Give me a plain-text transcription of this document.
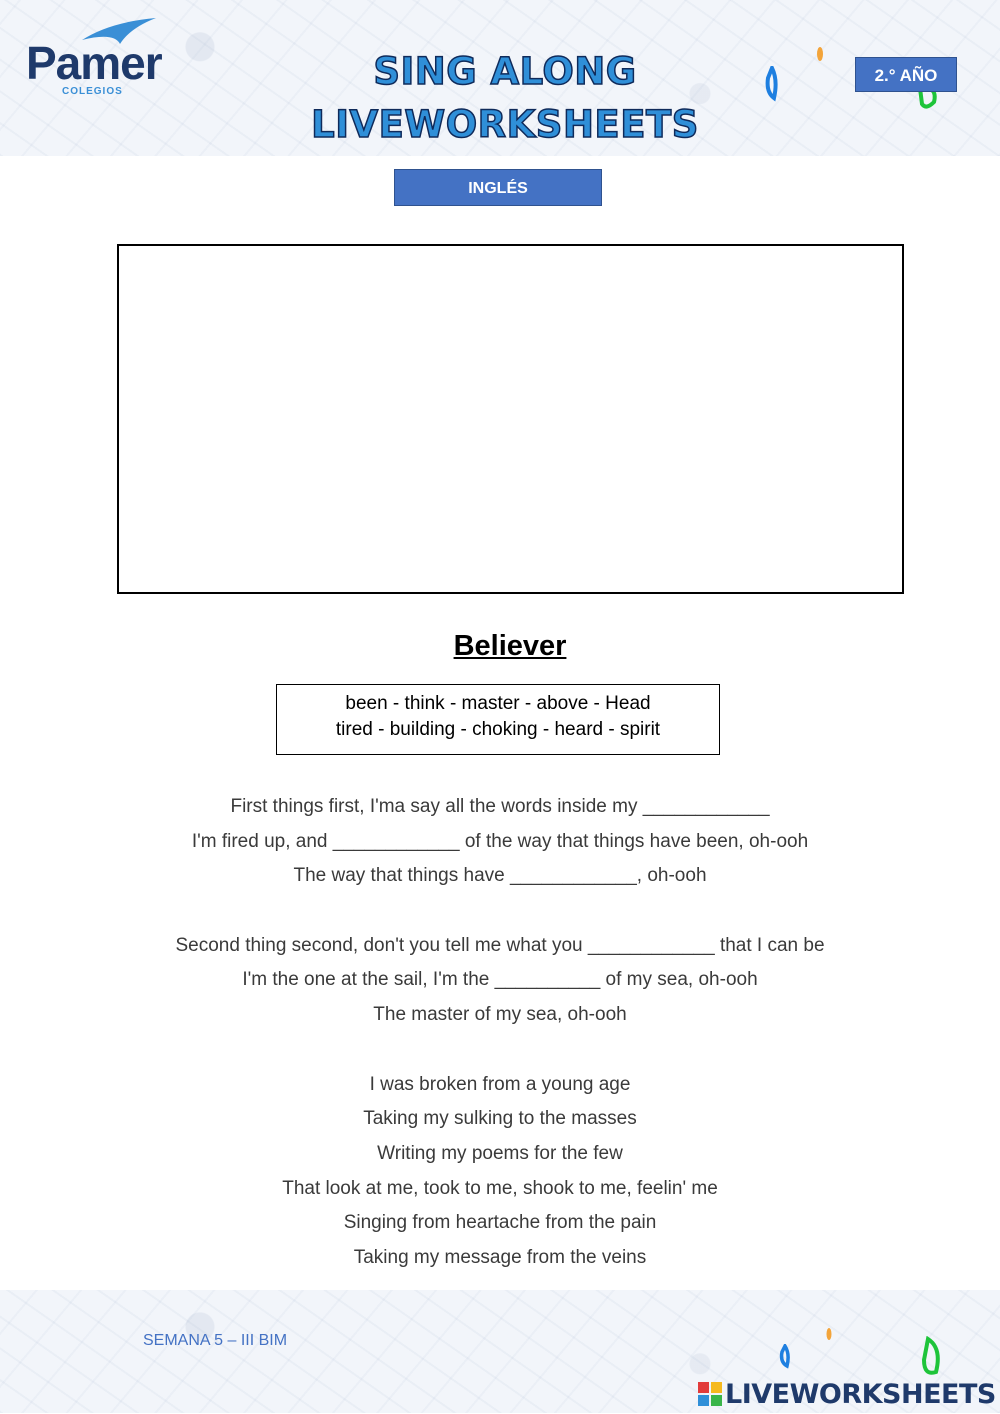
Pamer
COLEGIOS	SING ALONG
LIVEWORKSHEETS
2.° AÑO
INGLÉS
Believer
been - think - master - above - Head
tired - building - choking - heard - spirit
First things first, I'ma say all the words inside my ____________
I'm fired up, and ____________ of the way that things have been, oh-ooh
The way that things have ____________, oh-ooh
Second thing second, don't you tell me what you ____________ that I can be
I'm the one at the sail, I'm the __________ of my sea, oh-ooh
The master of my sea, oh-ooh
I was broken from a young age
Taking my sulking to the masses
Writing my poems for the few
That look at me, took to me, shook to me, feelin' me
Singing from heartache from the pain
Taking my message from the veins
SEMANA 5 – III BIM
LIVEWORKSHEETS
